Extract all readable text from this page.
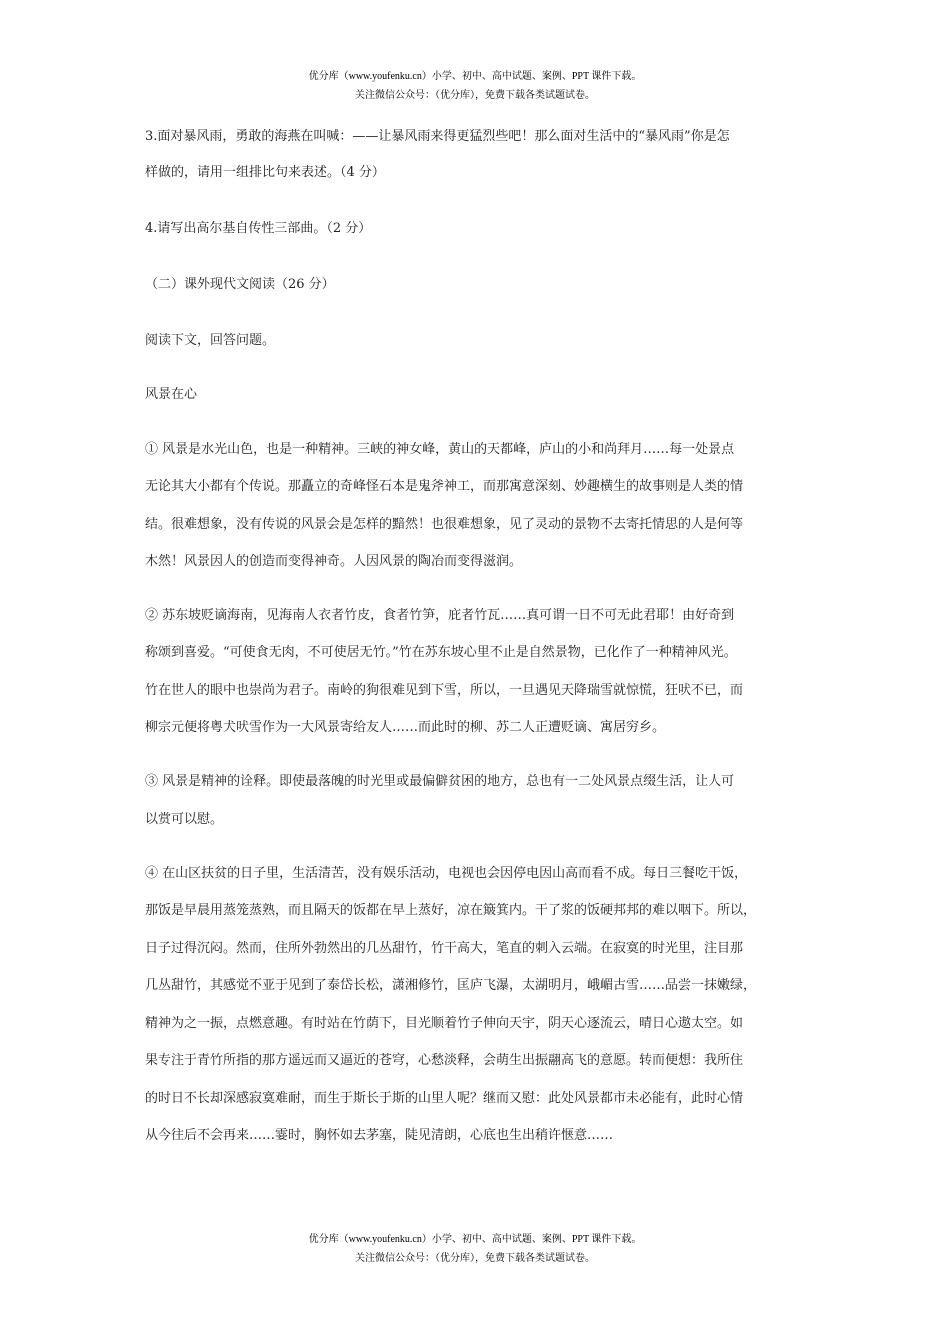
优分库（www.youfenku.cn）小学、初中、高中试题、案例、PPT 课件下载。
关注微信公众号：（优分库），免费下载各类试题试卷。
3.面对暴风雨，勇敢的海燕在叫喊：——让暴风雨来得更猛烈些吧！那么面对生活中的“暴风雨”你是怎
样做的，请用一组排比句来表述。（4 分）
4.请写出高尔基自传性三部曲。（2 分）
（二）课外现代文阅读（26 分）
阅读下文，回答问题。
风景在心
① 风景是水光山色，也是一种精神。三峡的神女峰，黄山的天都峰，庐山的小和尚拜月……每一处景点
无论其大小都有个传说。那矗立的奇峰怪石本是鬼斧神工，而那寓意深刻、妙趣横生的故事则是人类的情
结。很难想象，没有传说的风景会是怎样的黯然！也很难想象，见了灵动的景物不去寄托情思的人是何等
木然！风景因人的创造而变得神奇。人因风景的陶冶而变得滋润。
② 苏东坡贬谪海南，见海南人衣者竹皮，食者竹笋，庇者竹瓦……真可谓一日不可无此君耶！由好奇到
称颂到喜爱。“可使食无肉，不可使居无竹。”竹在苏东坡心里不止是自然景物，已化作了一种精神风光。
竹在世人的眼中也崇尚为君子。南岭的狗很难见到下雪，所以，一旦遇见天降瑞雪就惊慌，狂吠不已，而
柳宗元便将粤犬吠雪作为一大风景寄给友人……而此时的柳、苏二人正遭贬谪、寓居穷乡。
③ 风景是精神的诠释。即使最落魄的时光里或最偏僻贫困的地方，总也有一二处风景点缀生活，让人可
以赏可以慰。
④ 在山区扶贫的日子里，生活清苦，没有娱乐活动，电视也会因停电因山高而看不成。每日三餐吃干饭，
那饭是早晨用蒸笼蒸熟，而且隔天的饭都在早上蒸好，凉在簸箕内。干了浆的饭硬邦邦的难以咽下。所以，
日子过得沉闷。然而，住所外勃然出的几丛甜竹，竹干高大，笔直的刺入云端。在寂寞的时光里，注目那
几丛甜竹，其感觉不亚于见到了泰岱长松，潇湘修竹，匡庐飞瀑，太湖明月，峨嵋古雪……品尝一抹嫩绿，
精神为之一振，点燃意趣。有时站在竹荫下，目光顺着竹子伸向天宇，阴天心逐流云，晴日心遨太空。如
果专注于青竹所指的那方遥远而又逼近的苍穹，心愁淡释，会萌生出振翮高飞的意愿。转而便想：我所住
的时日不长却深感寂寞难耐，而生于斯长于斯的山里人呢？继而又慰：此处风景都市未必能有，此时心情
从今往后不会再来……霎时，胸怀如去茅塞，陡见清朗，心底也生出稍许惬意……
优分库（www.youfenku.cn）小学、初中、高中试题、案例、PPT 课件下载。
关注微信公众号：（优分库），免费下载各类试题试卷。
